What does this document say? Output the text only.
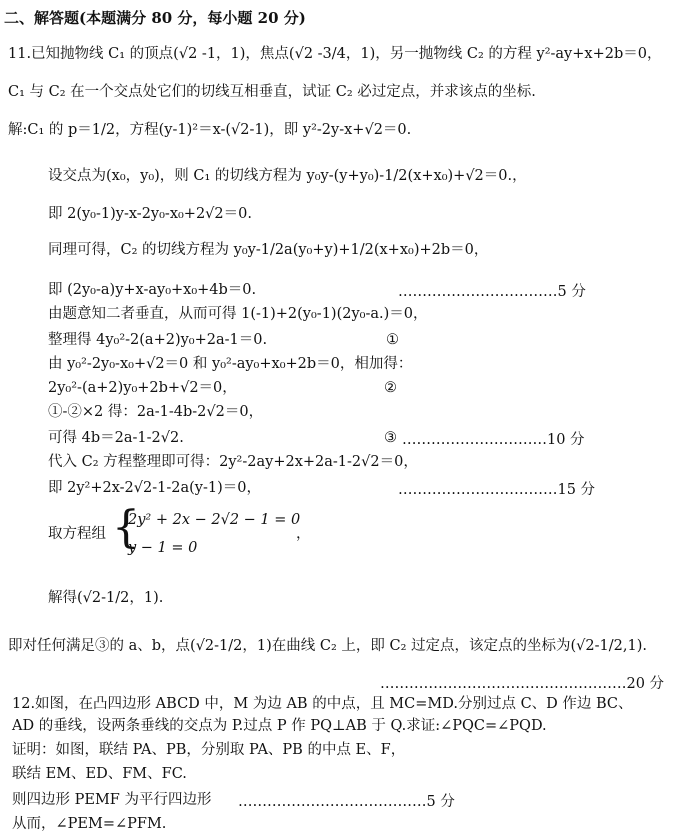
二、解答题(本题满分 80 分，每小题 20 分)
11.已知抛物线 C₁ 的顶点(√2 -1，1)，焦点(√2 -3/4，1)，另一抛物线 C₂ 的方程 y²-ay+x+2b＝0，
C₁ 与 C₂ 在一个交点处它们的切线互相垂直，试证 C₂ 必过定点，并求该点的坐标.
解:C₁ 的 p＝1/2，方程(y-1)²＝x-(√2-1)，即 y²-2y-x+√2＝0.
设交点为(x₀，y₀)，则 C₁ 的切线方程为 y₀y-(y+y₀)-1/2(x+x₀)+√2＝0.，
即 2(y₀-1)y-x-2y₀-x₀+2√2＝0.
同理可得，C₂ 的切线方程为 y₀y-1/2a(y₀+y)+1/2(x+x₀)+2b＝0，
即 (2y₀-a)y+x-ay₀+x₀+4b＝0.	……………………………5 分
由题意知二者垂直，从而可得 1(-1)+2(y₀-1)(2y₀-a.)＝0，
整理得 4y₀²-2(a+2)y₀+2a-1＝0.	①
由 y₀²-2y₀-x₀+√2＝0 和 y₀²-ay₀+x₀+2b＝0，相加得：
2y₀²-(a+2)y₀+2b+√2＝0，	②
①-②×2 得：2a-1-4b-2√2＝0，
可得 4b＝2a-1-2√2.	③ …………………………10 分
代入 C₂ 方程整理即可得：2y²-2ay+2x+2a-1-2√2＝0，
即 2y²+2x-2√2-1-2a(y-1)＝0，	……………………………15 分
取方程组 {
2y² + 2x − 2√2 − 1 = 0
y − 1 = 0
，
解得(√2-1/2，1).
即对任何满足③的 a、b，点(√2-1/2，1)在曲线 C₂ 上，即 C₂ 过定点，该定点的坐标为(√2-1/2,1).
……………………………………………20 分
12.如图，在凸四边形 ABCD 中，M 为边 AB 的中点，且 MC=MD.分别过点 C、D 作边 BC、
AD 的垂线，设两条垂线的交点为 P.过点 P 作 PQ⊥AB 于 Q.求证:∠PQC=∠PQD.
证明：如图，联结 PA、PB，分别取 PA、PB 的中点 E、F，
联结 EM、ED、FM、FC.
则四边形 PEMF 为平行四边形 …………………………………5 分
从而，∠PEM=∠PFM.
